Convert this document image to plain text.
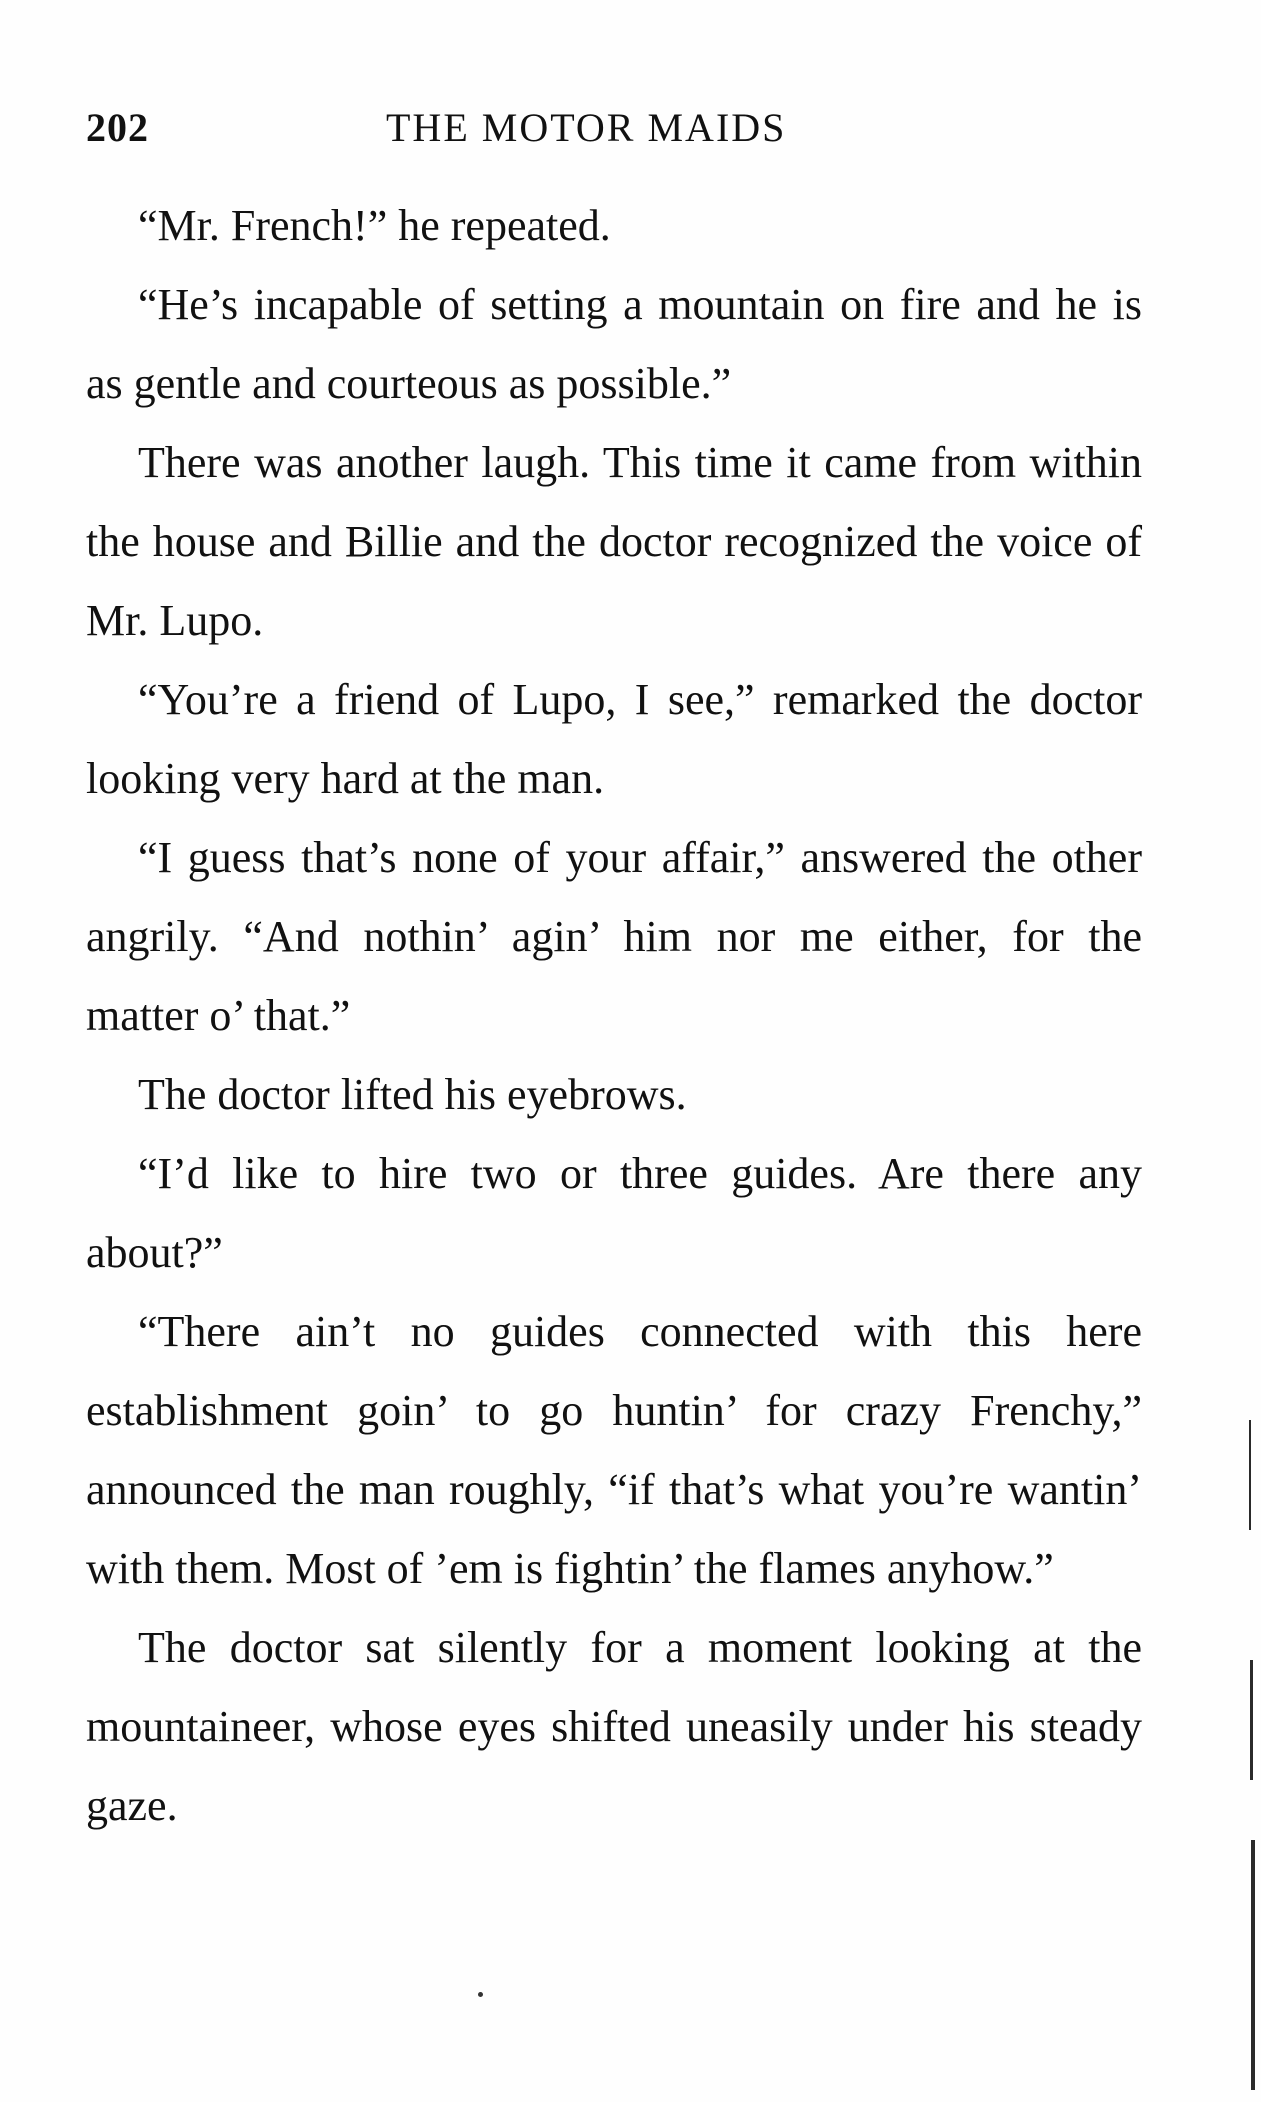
202	THE MOTOR MAIDS

“Mr. French!” he repeated.

“He’s incapable of setting a mountain on fire and he is as gentle and courteous as possible.”

There was another laugh. This time it came from within the house and Billie and the doctor recognized the voice of Mr. Lupo.

“You’re a friend of Lupo, I see,” remarked the doctor looking very hard at the man.

“I guess that’s none of your affair,” answered the other angrily. “And nothin’ agin’ him nor me either, for the matter o’ that.”

The doctor lifted his eyebrows.

“I’d like to hire two or three guides. Are there any about?”

“There ain’t no guides connected with this here establishment goin’ to go huntin’ for crazy Frenchy,” announced the man roughly, “if that’s what you’re wantin’ with them. Most of ’em is fightin’ the flames anyhow.”

The doctor sat silently for a moment looking at the mountaineer, whose eyes shifted uneasily under his steady gaze.
